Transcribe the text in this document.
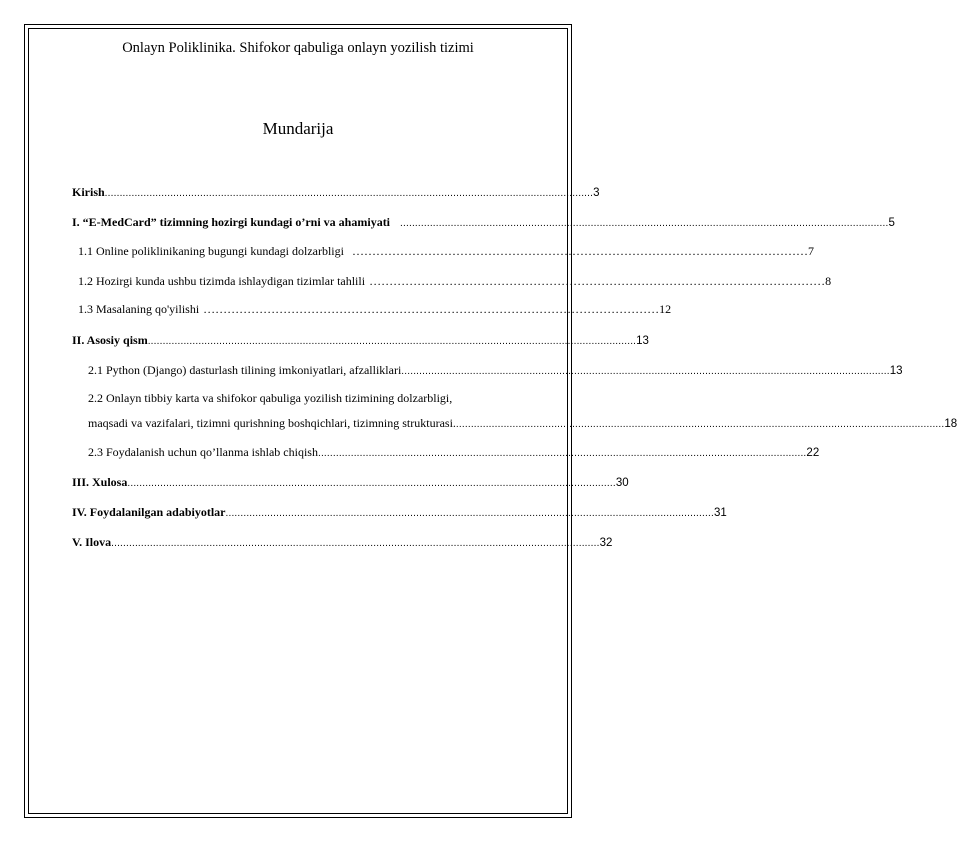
Onlayn Poliklinika. Shifokor qabuliga onlayn yozilish tizimi
Mundarija
Kirish .................................................................................................................................................................... 3
I. “E-MedCard” tizimning hozirgi kundagi o’rni va ahamiyati .................................................................................................................................................................... 5
1.1 Online poliklinikaning bugungi kundagi dolzarbligi …………………………………………………………………………………………………… 7
1.2 Hozirgi kunda ushbu tizimda ishlaydigan tizimlar tahlili …………………………………………………………………………………………………… 8
1.3 Masalaning qo'yilishi …………………………………………………………………………………………………… 12
II. Asosiy qism .................................................................................................................................................................... 13
2.1 Python (Django) dasturlash tilining imkoniyatlari, afzalliklari .................................................................................................................................................................... 13
2.2 Onlayn tibbiy karta va shifokor qabuliga yozilish tizimining dolzarbligi,
maqsadi va vazifalari, tizimni qurishning boshqichlari, tizimning strukturasi. .................................................................................................................................................................... 18
2.3 Foydalanish uchun qo’llanma ishlab chiqish .................................................................................................................................................................... 22
III. Xulosa .................................................................................................................................................................... 30
IV. Foydalanilgan adabiyotlar .................................................................................................................................................................... 31
V. Ilova .................................................................................................................................................................... 32
